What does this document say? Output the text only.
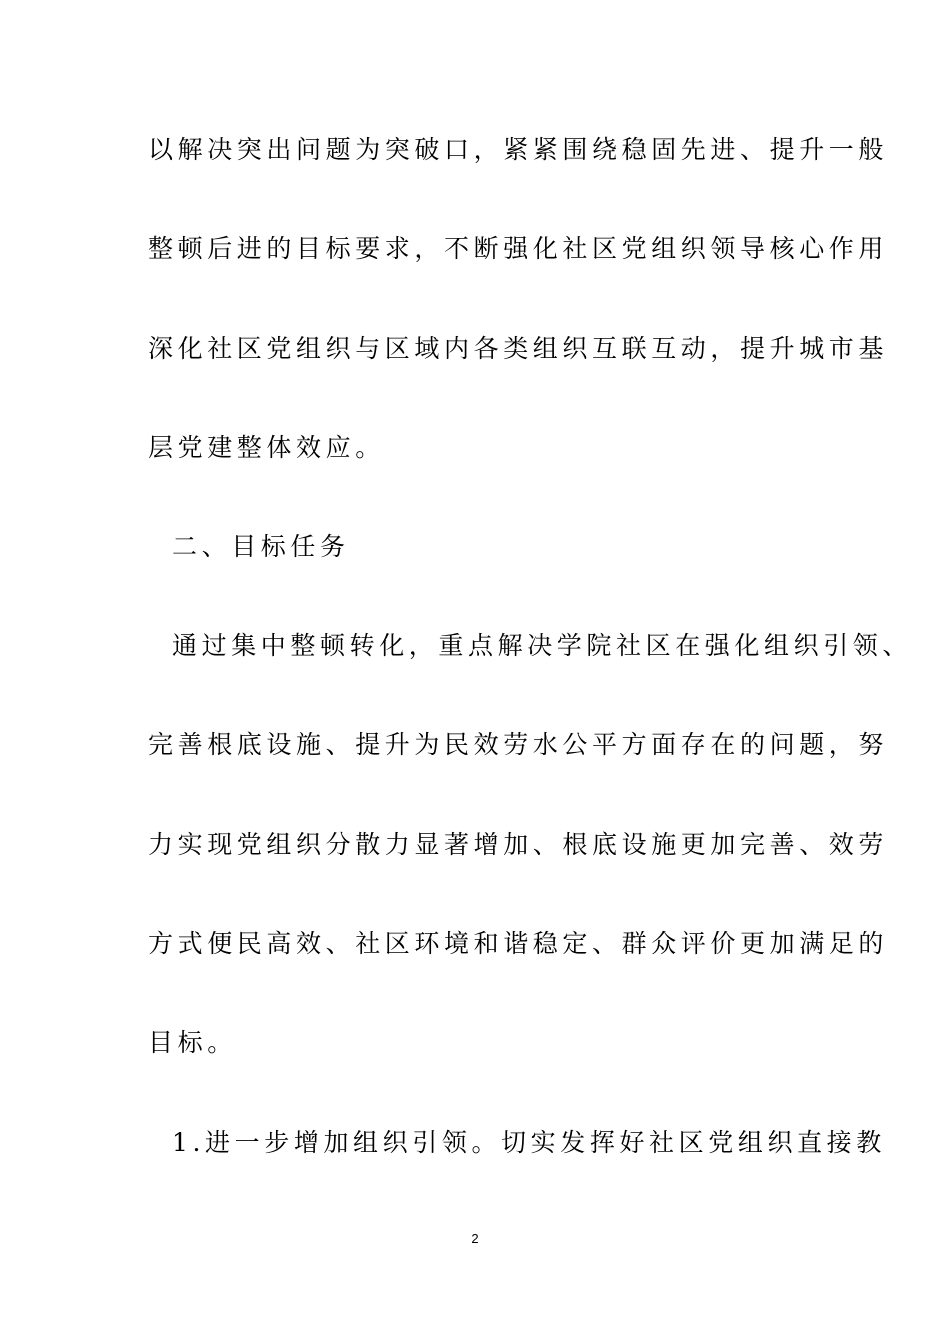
以解决突出问题为突破口，紧紧围绕稳固先进、提升一般
整顿后进的目标要求，不断强化社区党组织领导核心作用
深化社区党组织与区域内各类组织互联互动，提升城市基
层党建整体效应。
二、目标任务
通过集中整顿转化，重点解决学院社区在强化组织引领、
完善根底设施、提升为民效劳水公平方面存在的问题，努
力实现党组织分散力显著增加、根底设施更加完善、效劳
方式便民高效、社区环境和谐稳定、群众评价更加满足的
目标。
1.进一步增加组织引领。切实发挥好社区党组织直接教
2
